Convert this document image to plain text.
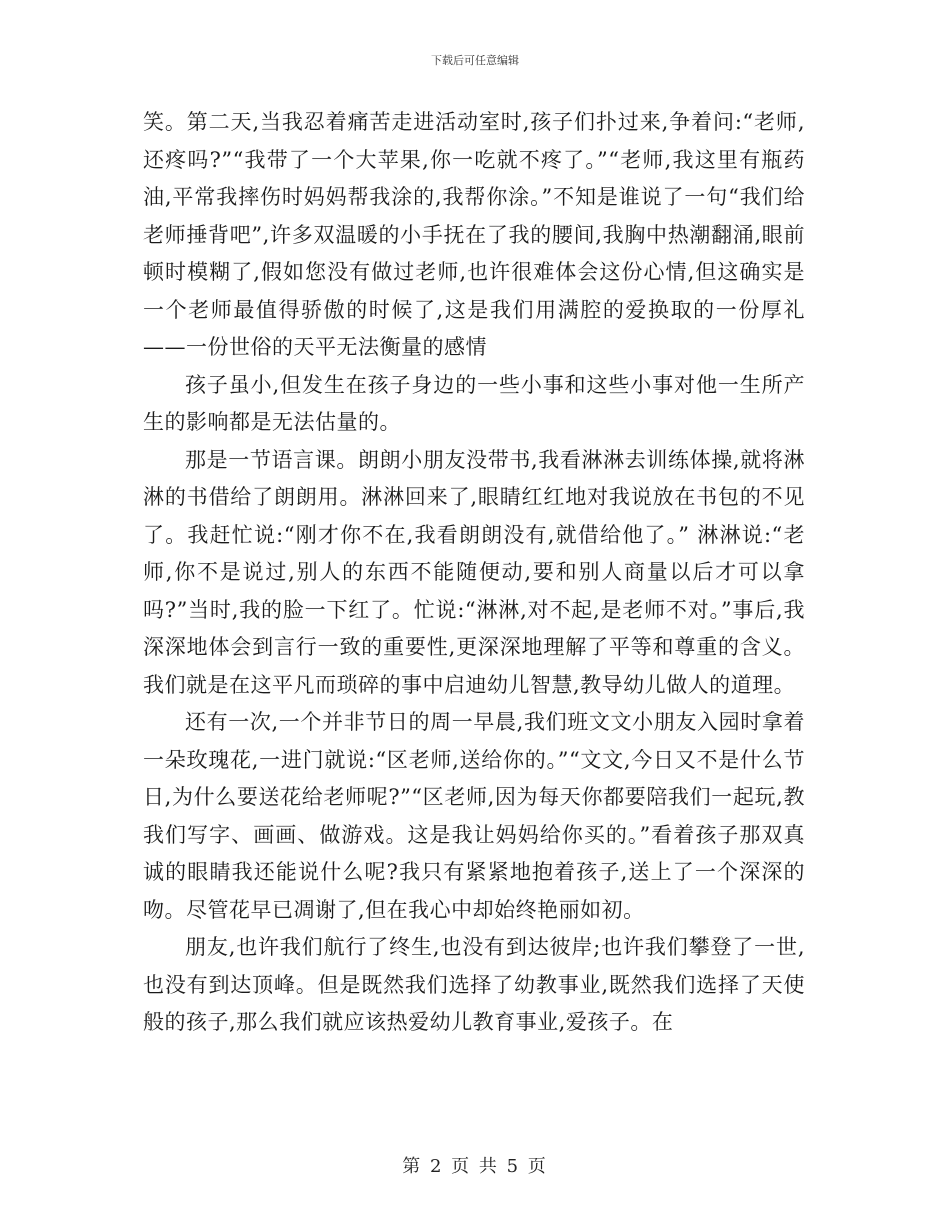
下载后可任意编辑

笑。第二天,当我忍着痛苦走进活动室时,孩子们扑过来,争着问:“老师,还疼吗?”“我带了一个大苹果,你一吃就不疼了。”“老师,我这里有瓶药油,平常我摔伤时妈妈帮我涂的,我帮你涂。”不知是谁说了一句“我们给老师捶背吧”,许多双温暖的小手抚在了我的腰间,我胸中热潮翻涌,眼前顿时模糊了,假如您没有做过老师,也许很难体会这份心情,但这确实是一个老师最值得骄傲的时候了,这是我们用满腔的爱换取的一份厚礼——一份世俗的天平无法衡量的感情

孩子虽小,但发生在孩子身边的一些小事和这些小事对他一生所产生的影响都是无法估量的。

那是一节语言课。朗朗小朋友没带书,我看淋淋去训练体操,就将淋淋的书借给了朗朗用。淋淋回来了,眼睛红红地对我说放在书包的不见了。我赶忙说:“刚才你不在,我看朗朗没有,就借给他了。” 淋淋说:“老师,你不是说过,别人的东西不能随便动,要和别人商量以后才可以拿吗?”当时,我的脸一下红了。忙说:“淋淋,对不起,是老师不对。”事后,我深深地体会到言行一致的重要性,更深深地理解了平等和尊重的含义。我们就是在这平凡而琐碎的事中启迪幼儿智慧,教导幼儿做人的道理。

还有一次,一个并非节日的周一早晨,我们班文文小朋友入园时拿着一朵玫瑰花,一进门就说:“区老师,送给你的。”“文文,今日又不是什么节日,为什么要送花给老师呢?”“区老师,因为每天你都要陪我们一起玩,教我们写字、画画、做游戏。这是我让妈妈给你买的。”看着孩子那双真诚的眼睛我还能说什么呢?我只有紧紧地抱着孩子,送上了一个深深的吻。尽管花早已凋谢了,但在我心中却始终艳丽如初。

朋友,也许我们航行了终生,也没有到达彼岸;也许我们攀登了一世,也没有到达顶峰。但是既然我们选择了幼教事业,既然我们选择了天使般的孩子,那么我们就应该热爱幼儿教育事业,爱孩子。在

第 2 页 共 5 页
